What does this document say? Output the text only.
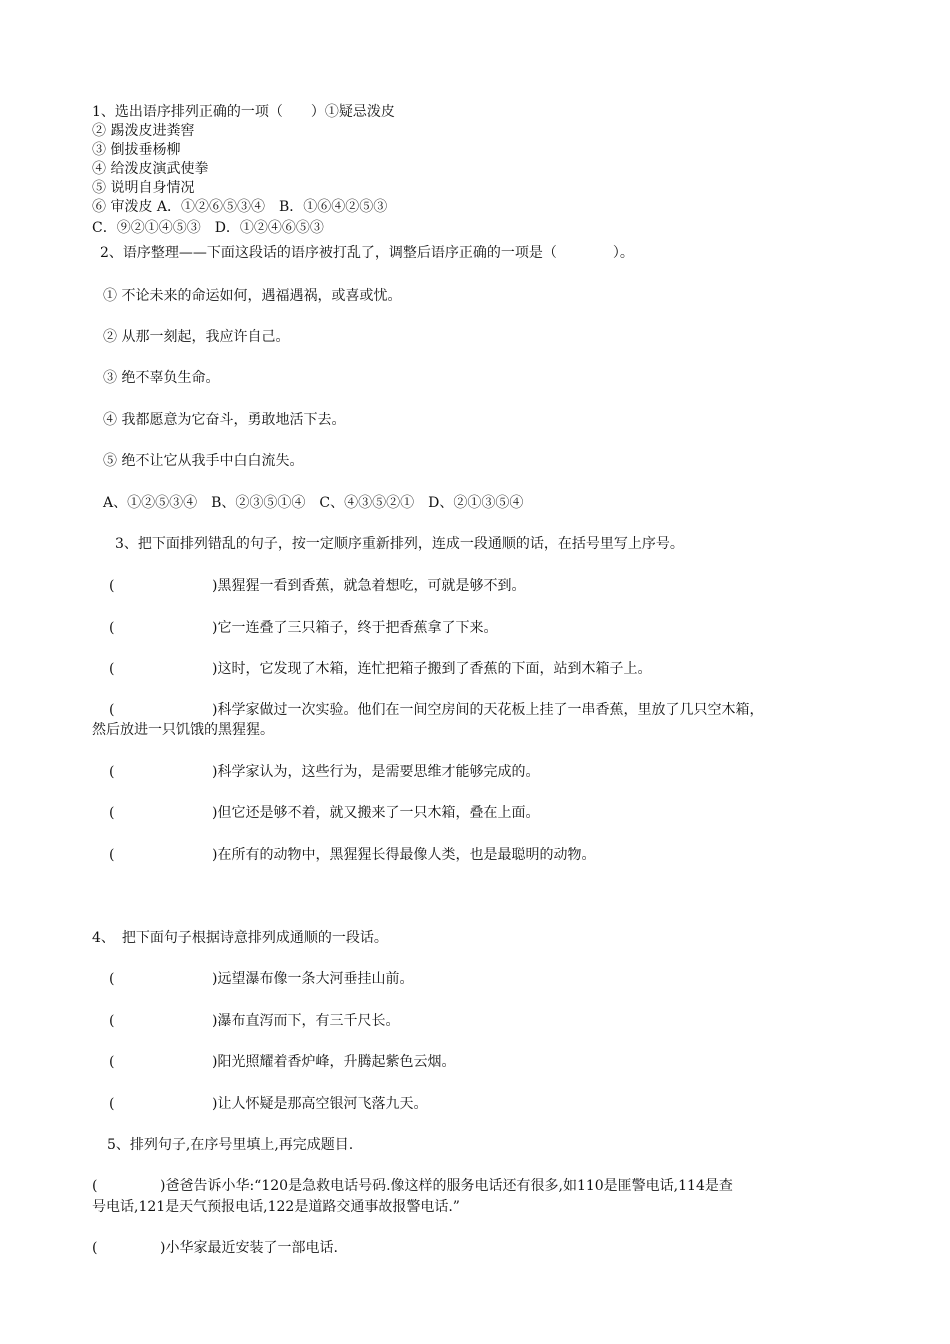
1、选出语序排列正确的一项（　　）①疑忌泼皮
② 踢泼皮进粪窖
③ 倒拔垂杨柳
④ 给泼皮演武使拳
⑤ 说明自身情况
⑥ 审泼皮 A．①②⑥⑤③④　B．①⑥④②⑤③
C．⑨②①④⑤③　D．①②④⑥⑤③
2、语序整理——下面这段话的语序被打乱了，调整后语序正确的一项是（　　　　）。
① 不论未来的命运如何，遇福遇祸，或喜或忧。
② 从那一刻起，我应许自己。
③ 绝不辜负生命。
④ 我都愿意为它奋斗，勇敢地活下去。
⑤ 绝不让它从我手中白白流失。
A、①②⑤③④　B、②③⑤①④　C、④③⑤②①　D、②①③⑤④
3、把下面排列错乱的句子，按一定顺序重新排列，连成一段通顺的话，在括号里写上序号。
(	)黑猩猩一看到香蕉，就急着想吃，可就是够不到。
(	)它一连叠了三只箱子，终于把香蕉拿了下来。
(	)这时，它发现了木箱，连忙把箱子搬到了香蕉的下面，站到木箱子上。
(	)科学家做过一次实验。他们在一间空房间的天花板上挂了一串香蕉，里放了几只空木箱，
然后放进一只饥饿的黑猩猩。
(	)科学家认为，这些行为，是需要思维才能够完成的。
(	)但它还是够不着，就又搬来了一只木箱，叠在上面。
(	)在所有的动物中，黑猩猩长得最像人类，也是最聪明的动物。
4、　把下面句子根据诗意排列成通顺的一段话。
(	)远望瀑布像一条大河垂挂山前。
(	)瀑布直泻而下，有三千尺长。
(	)阳光照耀着香炉峰，升腾起紫色云烟。
(	)让人怀疑是那高空银河飞落九天。
5、排列句子,在序号里填上,再完成题目.
(	)爸爸告诉小华:“120是急救电话号码.像这样的服务电话还有很多,如110是匪警电话,114是查
号电话,121是天气预报电话,122是道路交通事故报警电话.”
(	)小华家最近安装了一部电话.
